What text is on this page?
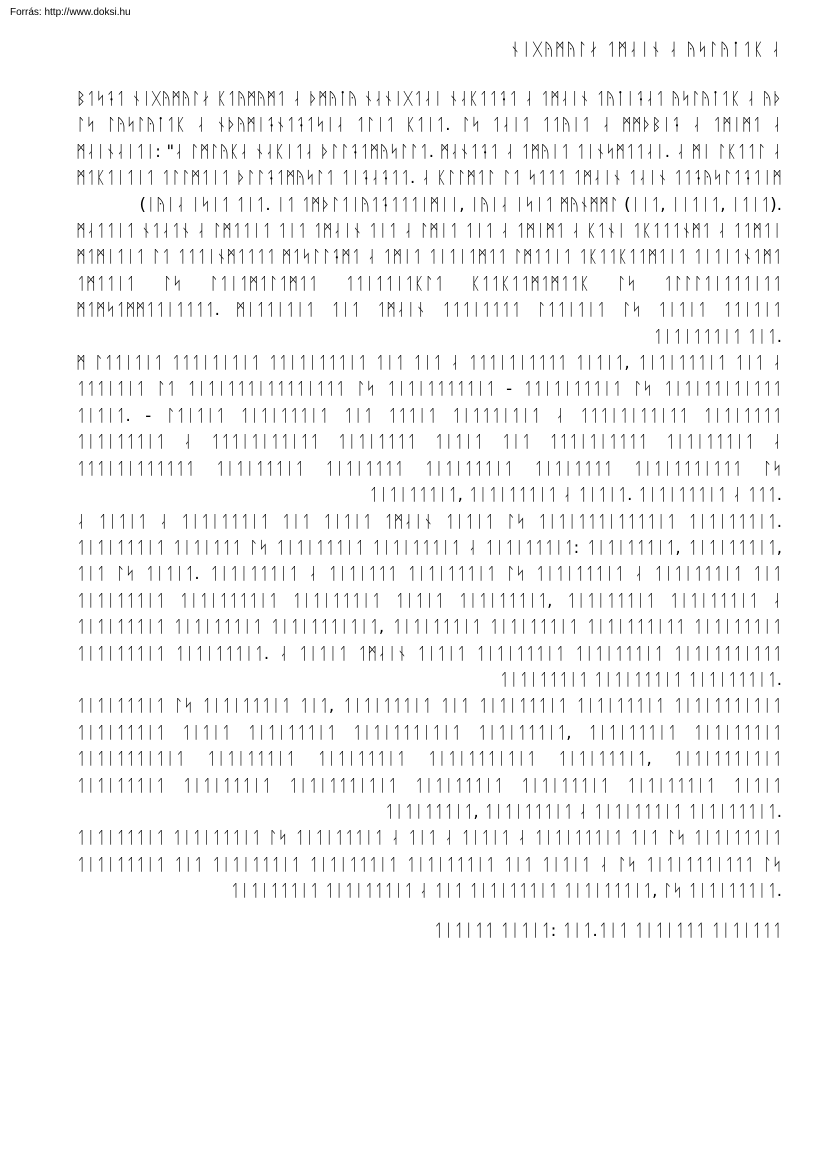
Forrás: http://www.doksi.hu
ᚾᛁᚷᚤᛗᚤᛚᛅ ᛐᛗᛆᛁᚾ ᛆ ᚤᛋᛚᚤᛙᛐᛕ ᛆ

ᛒᛐᛋᛑᛐ ᚾᛁᚷᚤᛗᚤᛚᛅ ᛕᛐᚤᛗᚤᛗᛐ ᛆ ᚦᛗᚤᛙᚤ ᚾᛆᚾᛁᚷᛐᛆᛁ ᚾᛆᛕᛐᛐᛑᛐ ᛆ ᛐᛗᛆᛁᚾ ᛐᚤᛙᛁᛑᛆᛐ ᚤᛋᛚᚤᛙᛐᛕ ᛆ ᚤᚦ ᛚᛋ ᛚᚤᛋᛚᚤᛙᛐᛕ ᛆ ᚾᚦᚤᛗᛁᛑᚾᛐᛑᛐᛋᛁᛆ ᛐᛚᛁᛐ ᛕᛐᛁᛐ. ᛚᛋ ᛐᛆᛁᛐ ᛐᛐᚤᛁᛐ ᛆ ᛗᛗᚦᛒᛁᛑ ᛆ ᛐᛗᛁᛗᛐ ᛆ ᛗᛆᛁᚾᛆᛁᛐᛁ: "ᛆ ᛚᛗᛚᚤᛕᛆ ᚾᛆᛕᛁᛐᛆ ᚦᛚᛚᛑᛐᛗᚤᛋᛚᛚᛐ. ᛗᛆᚾᛐᛑᛐ ᛆ ᛐᛗᚤᛁᛐ ᛐᛁᚾᛋᛗᛐᛐᛆᛁ. ᛆ ᛗᛁ ᛚᛕᛐᛐᛚ ᛆ ᛗᛐᛕᛐᛁᛐᛁᛐ ᛐᛚᛚᛗᛐᛁᛐ ᚦᛚᛚᛑᛐᛗᚤᛋᛚᛐ ᛐᛁᛑᛆᛑᛐᛐ. ᛆ ᛕᛚᛚᛗᛐᛚ ᛚᛐ ᛋᛐᛐᛐ ᛐᛗᛆᛁᚾ ᛐᛆᛁᚾ ᛐᛐᛑᚤᛋᛚᛐᛑᛐᛁᛗ (ᛁᚤᛁᛆ ᛁᛋᛁᛐ ᛐᛁᛐ. ᛁᛐ ᛐᛗᚦᛚᛐᛁᚤᛐᛑᛐᛐᛐᛁᛗᛁᛁ, ᛁᚤᛁᛆ ᛁᛋᛁᛐ ᛗᚤᚾᛗᛗᛚ (ᛁᛁᛐ, ᛁᛁᛐᛁᛐ, ᛁᛐᛁᛐ).

ᛗᛆᛐᛐᛁᛐ ᚾᛐᛆᛐᚾ ᛆ ᛚᛗᛐᛐᛁᛐ ᛐᛁᛐ ᛐᛗᛆᛁᚾ ᛐᛁᛐ ᛆ ᛚᛗᛁᛐ ᛐᛁᛐ ᛆ ᛐᛗᛁᛗᛐ ᛆ ᛕᛐᚾᛁ ᛐᛕᛐᛐᛐᚾᛗᛐ ᛆ ᛐᛐᛗᛐᛁ ᛗᛐᛗᛁᛐᛁᛐ ᛚᛐ ᛐᛐᛐᛁᚾᛗᛐᛐᛐᛐ ᛗᛐᛋᛚᛚᛑᛗᛐ ᛆ ᛐᛗᛁᛐ ᛐᛁᛐᛁᛐᛗᛐᛐ ᛚᛗᛐᛐᛁᛐ ᛐᛕᛐᛐᛕᛐᛐᛗᛐᛁᛐ ᛐᛁᛐᛁᛐᚾᛐᛗᛐ ᛐᛗᛐᛐᛁᛐ ᛚᛋ ᛚᛐᛁᛐᛗᛐᛚᛐᛗᛐᛐ ᛐᛐᛁᛐᛐᛁᛐᛕᛚᛐ ᛕᛐᛐᛕᛐᛐᛗᛐᛗᛐᛐᛕ ᛚᛋ ᛐᛚᛚᛚᛐᛁᛐᛐᛐᛁᛐᛐ ᛗᛐᛗᛋᛐᛗᛗᛐᛐᛁᛐᛐᛐᛐ. ᛗᛁᛐᛐᛁᛐᛁᛐ ᛐᛁᛐ ᛐᛗᛆᛁᚾ ᛐᛐᛐᛁᛐᛐᛐᛐ ᛚᛐᛐᛁᛐᛁᛐ ᛚᛋ ᛐᛁᛐᛁᛐ ᛐᛐᛁᛐᛁᛐ ᛐᛁᛐᛁᛐᛐᛐᛁᛐ ᛐᛁᛐ.

ᛗ ᛚᛐᛐᛁᛐᛁᛐ ᛐᛐᛐᛁᛐᛁᛐᛁᛐ ᛐᛐᛁᛐᛁᛐᛐᛐᛁᛐ ᛐᛁᛐ ᛐᛁᛐ ᛆ ᛐᛐᛐᛁᛐᛁᛐᛐᛐᛐ ᛐᛁᛐᛁᛐ, ᛐᛁᛐᛁᛐᛐᛐᛁᛐ ᛐᛁᛐ ᛆ ᛐᛐᛐᛁᛐᛁᛐ ᛚᛐ ᛐᛁᛐᛁᛐᛐᛐᛁᛐᛐᛐᛐᛁᛐᛐᛐ ᛚᛋ ᛐᛁᛐᛁᛐᛐᛐᛐᛐᛁᛐ - ᛐᛐᛁᛐᛁᛐᛐᛐᛁᛐ ᛚᛋ ᛐᛁᛐᛁᛐᛐᛁᛐᛁᛐᛐᛐ ᛐᛁᛐᛁᛐ. - ᛚᛐᛁᛐᛁᛐ ᛐᛁᛐᛁᛐᛐᛐᛁᛐ ᛐᛁᛐ ᛐᛐᛐᛁᛐ ᛐᛁᛐᛐᛐᛁᛐᛁᛐ ᛆ ᛐᛐᛐᛁᛐᛁᛐᛐᛁᛐᛐ ᛐᛁᛐᛁᛐᛐᛐᛐ ᛐᛁᛐᛁᛐᛐᛐᛁᛐ ᛆ ᛐᛐᛐᛁᛐᛁᛐᛐᛁᛐᛐ ᛐᛁᛐᛁᛐᛐᛐᛐ ᛐᛁᛐᛁᛐ ᛐᛁᛐ ᛐᛐᛐᛁᛐᛁᛐᛐᛐᛐ ᛐᛁᛐᛁᛐᛐᛐᛁᛐ ᛆ ᛐᛐᛐᛁᛐᛁᛐᛐᛐᛐᛐᛐ ᛐᛁᛐᛁᛐᛐᛐᛁᛐ ᛐᛁᛐᛁᛐᛐᛐᛐ ᛐᛁᛐᛁᛐᛐᛐᛁᛐ ᛐᛁᛐᛁᛐᛐᛐᛐ ᛐᛁᛐᛁᛐᛐᛐᛁᛐᛐᛐ ᛚᛋ ᛐᛁᛐᛁᛐᛐᛐᛁᛐ, ᛐᛁᛐᛁᛐᛐᛐᛁᛐ ᛆ ᛐᛁᛐᛁᛐ. ᛐᛁᛐᛁᛐᛐᛐᛁᛐ ᛆ ᛐᛐᛐ.

ᛆ ᛐᛁᛐᛁᛐ ᛆ ᛐᛁᛐᛁᛐᛐᛐᛁᛐ ᛐᛁᛐ ᛐᛁᛐᛁᛐ ᛐᛗᛆᛁᚾ ᛐᛁᛐᛁᛐ ᛚᛋ ᛐᛁᛐᛁᛐᛐᛐᛁᛐᛐᛐᛐᛁᛐ ᛐᛁᛐᛁᛐᛐᛐᛁᛐ. ᛐᛁᛐᛁᛐᛐᛐᛁᛐ ᛐᛁᛐᛁᛐᛐᛐ ᛚᛋ ᛐᛁᛐᛁᛐᛐᛐᛁᛐ ᛐᛁᛐᛁᛐᛐᛐᛁᛐ ᛆ ᛐᛁᛐᛁᛐᛐᛐᛁᛐ: ᛐᛁᛐᛁᛐᛐᛐᛁᛐ, ᛐᛁᛐᛁᛐᛐᛐᛁᛐ, ᛐᛁᛐ ᛚᛋ ᛐᛁᛐᛁᛐ. ᛐᛁᛐᛁᛐᛐᛐᛁᛐ ᛆ ᛐᛁᛐᛁᛐᛐᛐ ᛐᛁᛐᛁᛐᛐᛐᛁᛐ ᛚᛋ ᛐᛁᛐᛁᛐᛐᛐᛁᛐ ᛆ ᛐᛁᛐᛁᛐᛐᛐᛁᛐ ᛐᛁᛐ ᛐᛁᛐᛁᛐᛐᛐᛁᛐ ᛐᛁᛐᛁᛐᛐᛐᛐᛁᛐ ᛐᛁᛐᛁᛐᛐᛐᛁᛐ ᛐᛁᛐᛁᛐ ᛐᛁᛐᛁᛐᛐᛐᛁᛐ, ᛐᛁᛐᛁᛐᛐᛐᛁᛐ ᛐᛁᛐᛁᛐᛐᛐᛁᛐ ᛆ ᛐᛁᛐᛁᛐᛐᛐᛁᛐ ᛐᛁᛐᛁᛐᛐᛐᛁᛐ ᛐᛁᛐᛁᛐᛐᛐᛁᛐᛁᛐ, ᛐᛁᛐᛁᛐᛐᛐᛁᛐ ᛐᛁᛐᛁᛐᛐᛐᛁᛐ ᛐᛁᛐᛁᛐᛐᛐᛁᛐᛐ ᛐᛁᛐᛁᛐᛐᛐᛁᛐ ᛐᛁᛐᛁᛐᛐᛐᛁᛐ ᛐᛁᛐᛁᛐᛐᛐᛁᛐ. ᛆ ᛐᛁᛐᛁᛐ ᛐᛗᛆᛁᚾ ᛐᛁᛐᛁᛐ ᛐᛁᛐᛁᛐᛐᛐᛁᛐ ᛐᛁᛐᛁᛐᛐᛐᛁᛐ ᛐᛁᛐᛁᛐᛐᛐᛁᛐᛐᛐ ᛐᛁᛐᛁᛐᛐᛐᛁᛐ ᛐᛁᛐᛁᛐᛐᛐᛁᛐ ᛐᛁᛐᛁᛐᛐᛐᛁᛐ.

ᛐᛁᛐᛁᛐᛐᛐᛁᛐ ᛚᛋ ᛐᛁᛐᛁᛐᛐᛐᛁᛐ ᛐᛁᛐ, ᛐᛁᛐᛁᛐᛐᛐᛁᛐ ᛐᛁᛐ ᛐᛁᛐᛁᛐᛐᛐᛁᛐ ᛐᛁᛐᛁᛐᛐᛐᛁᛐ ᛐᛁᛐᛁᛐᛐᛐᛁᛐᛁᛐ ᛐᛁᛐᛁᛐᛐᛐᛁᛐ ᛐᛁᛐᛁᛐ ᛐᛁᛐᛁᛐᛐᛐᛁᛐ ᛐᛁᛐᛁᛐᛐᛐᛁᛐᛁᛐ ᛐᛁᛐᛁᛐᛐᛐᛁᛐ, ᛐᛁᛐᛁᛐᛐᛐᛁᛐ ᛐᛁᛐᛁᛐᛐᛐᛁᛐ ᛐᛁᛐᛁᛐᛐᛐᛁᛐᛁᛐ ᛐᛁᛐᛁᛐᛐᛐᛁᛐ ᛐᛁᛐᛁᛐᛐᛐᛁᛐ ᛐᛁᛐᛁᛐᛐᛐᛁᛐᛁᛐ ᛐᛁᛐᛁᛐᛐᛐᛁᛐ, ᛐᛁᛐᛁᛐᛐᛐᛁᛐᛁᛐ ᛐᛁᛐᛁᛐᛐᛐᛁᛐ ᛐᛁᛐᛁᛐᛐᛐᛁᛐ ᛐᛁᛐᛁᛐᛐᛐᛁᛐᛁᛐ ᛐᛁᛐᛁᛐᛐᛐᛁᛐ ᛐᛁᛐᛁᛐᛐᛐᛁᛐ ᛐᛁᛐᛁᛐᛐᛐᛁᛐ ᛐᛁᛐᛁᛐ ᛐᛁᛐᛁᛐᛐᛐᛁᛐ, ᛐᛁᛐᛁᛐᛐᛐᛁᛐ ᛆ ᛐᛁᛐᛁᛐᛐᛐᛁᛐ ᛐᛁᛐᛁᛐᛐᛐᛁᛐ.

ᛐᛁᛐᛁᛐᛐᛐᛁᛐ ᛐᛁᛐᛁᛐᛐᛐᛁᛐ ᛚᛋ ᛐᛁᛐᛁᛐᛐᛐᛁᛐ ᛆ ᛐᛁᛐ ᛆ ᛐᛁᛐᛁᛐ ᛆ ᛐᛁᛐᛁᛐᛐᛐᛁᛐ ᛐᛁᛐ ᛚᛋ ᛐᛁᛐᛁᛐᛐᛐᛁᛐ ᛐᛁᛐᛁᛐᛐᛐᛁᛐ ᛐᛁᛐ ᛐᛁᛐᛁᛐᛐᛐᛁᛐ ᛐᛁᛐᛁᛐᛐᛐᛁᛐ ᛐᛁᛐᛁᛐᛐᛐᛁᛐ ᛐᛁᛐ ᛐᛁᛐᛁᛐ ᛆ ᛚᛋ ᛐᛁᛐᛁᛐᛐᛐᛁᛐᛐᛐ ᛚᛋ ᛐᛁᛐᛁᛐᛐᛐᛁᛐ ᛐᛁᛐᛁᛐᛐᛐᛁᛐ ᛆ ᛐᛁᛐ ᛐᛁᛐᛁᛐᛐᛐᛁᛐ ᛐᛁᛐᛁᛐᛐᛐᛁᛐ, ᛚᛋ ᛐᛁᛐᛁᛐᛐᛐᛁᛐ.

ᛐᛁᛐᛁᛐᛐ ᛐᛁᛐᛁᛐ: ᛐᛁᛐ.ᛐᛁᛐ ᛐᛁᛐᛁᛐᛐᛐ ᛐᛁᛐᛁᛐᛐᛐ
